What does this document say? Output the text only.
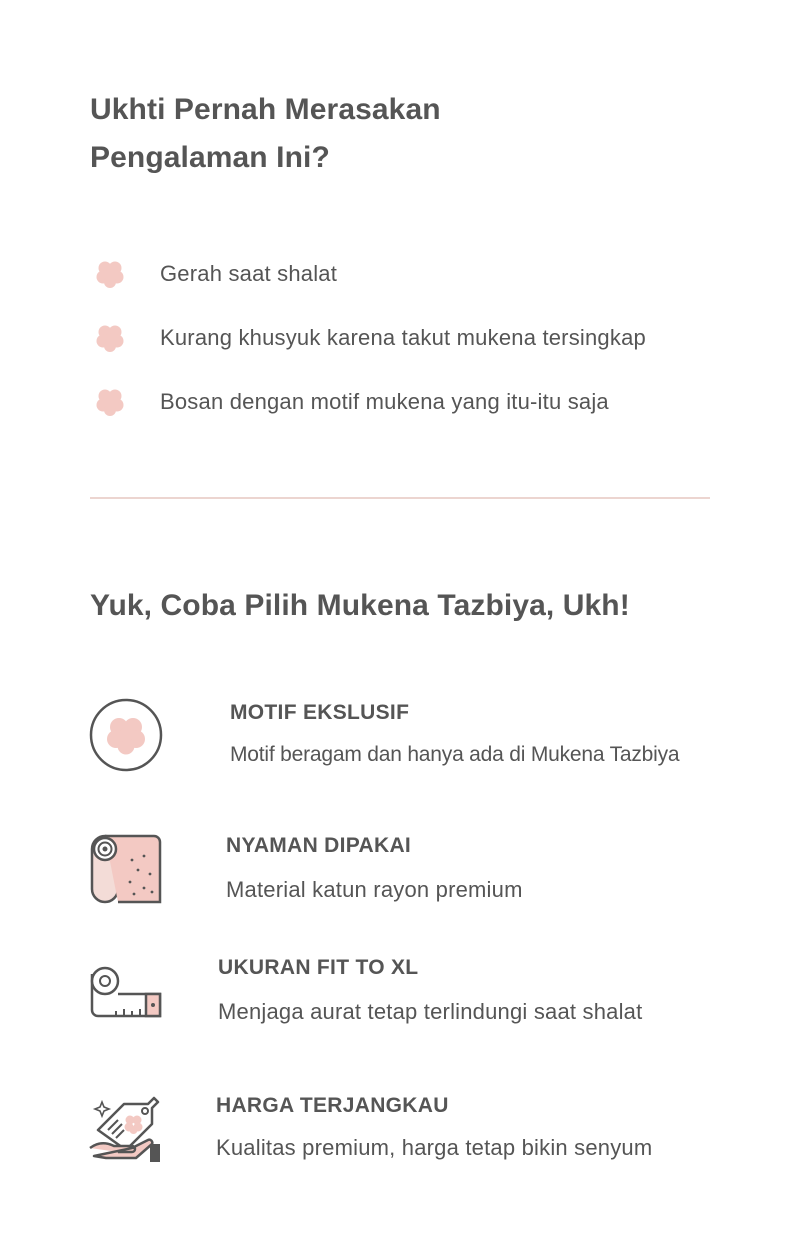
Ukhti Pernah Merasakan
Pengalaman Ini?
Gerah saat shalat
Kurang khusyuk karena takut mukena tersingkap
Bosan dengan motif mukena yang itu-itu saja
Yuk, Coba Pilih Mukena Tazbiya, Ukh!
MOTIF EKSLUSIF
Motif beragam dan hanya ada di Mukena Tazbiya
NYAMAN DIPAKAI
Material katun rayon premium
UKURAN FIT TO XL
Menjaga aurat tetap terlindungi saat shalat
HARGA TERJANGKAU
Kualitas premium, harga tetap bikin senyum
